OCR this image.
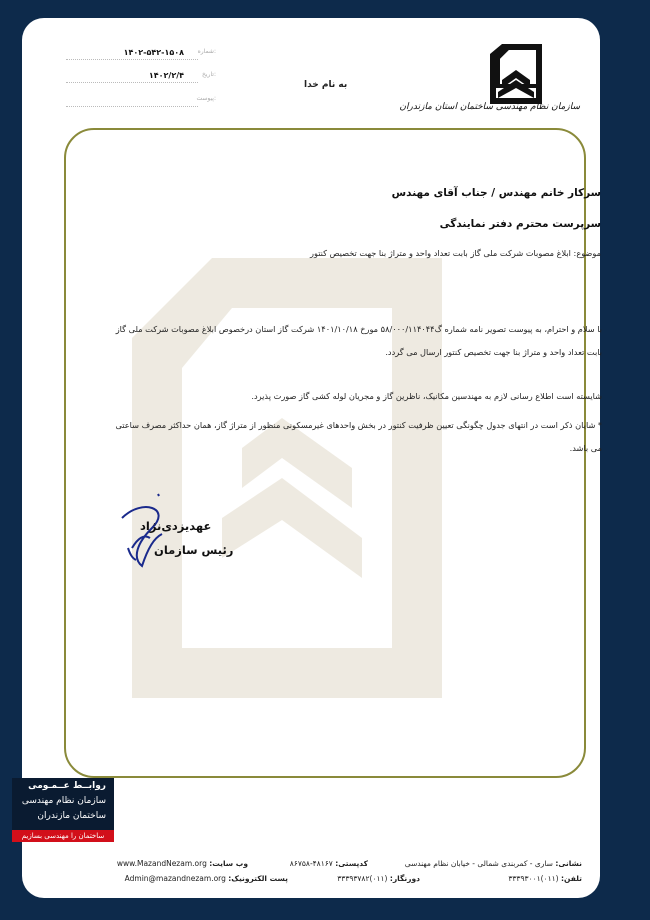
سازمان نظام مهندسی ساختمان استان مازندران
به نام خدا
۱۴۰۲-۵۴۲-۱۵۰۸ شماره:
۱۴۰۲/۲/۴	تاریخ:
پیوست:
سرکار خانم مهندس / جناب آقای مهندس
سرپرست محترم دفتر نمایندگی
موضوع: ابلاغ مصوبات شرکت ملی گاز بابت تعداد واحد و متراژ بنا جهت تخصیص کنتور
با سلام و احترام، به پیوست تصویر نامه شماره گ۵۸/۰۰۰/۱۱۴۰۴۴ مورخ ۱۴۰۱/۱۰/۱۸ شرکت گاز استان درخصوص ابلاغ مصوبات شرکت ملی گاز بابت تعداد واحد و متراژ بنا جهت تخصیص کنتور ارسال می گردد.
شایسته است اطلاع رسانی لازم به مهندسین مکانیک، ناظرین گاز و مجریان لوله کشی گاز صورت پذیرد.
* شایان ذکر است در انتهای جدول چگونگی تعیین ظرفیت کنتور در بخش واحدهای غیرمسکونی منظور از متراژ گاز، همان حداکثر مصرف ساعتی می باشد.
عهدیزدی‌نژاد
رئیس سازمان
روابــط عــمـومی
سازمان نظام مهندسی
ساختمان مازندران
ساختمان را مهندسی بسازیم
نشانی: ساری - کمربندی شمالی - خیابان نظام مهندسی
کدپستی: ۴۸۱۶۷-۸۶۷۵۸
وب سایت: www.MazandNezam.org
تلفن: (۰۱۱)۳۳۳۹۳۰۰۱
دورنگار: (۰۱۱)۳۳۳۹۳۷۸۲
پست الکترونیک: Admin@mazandnezam.org
